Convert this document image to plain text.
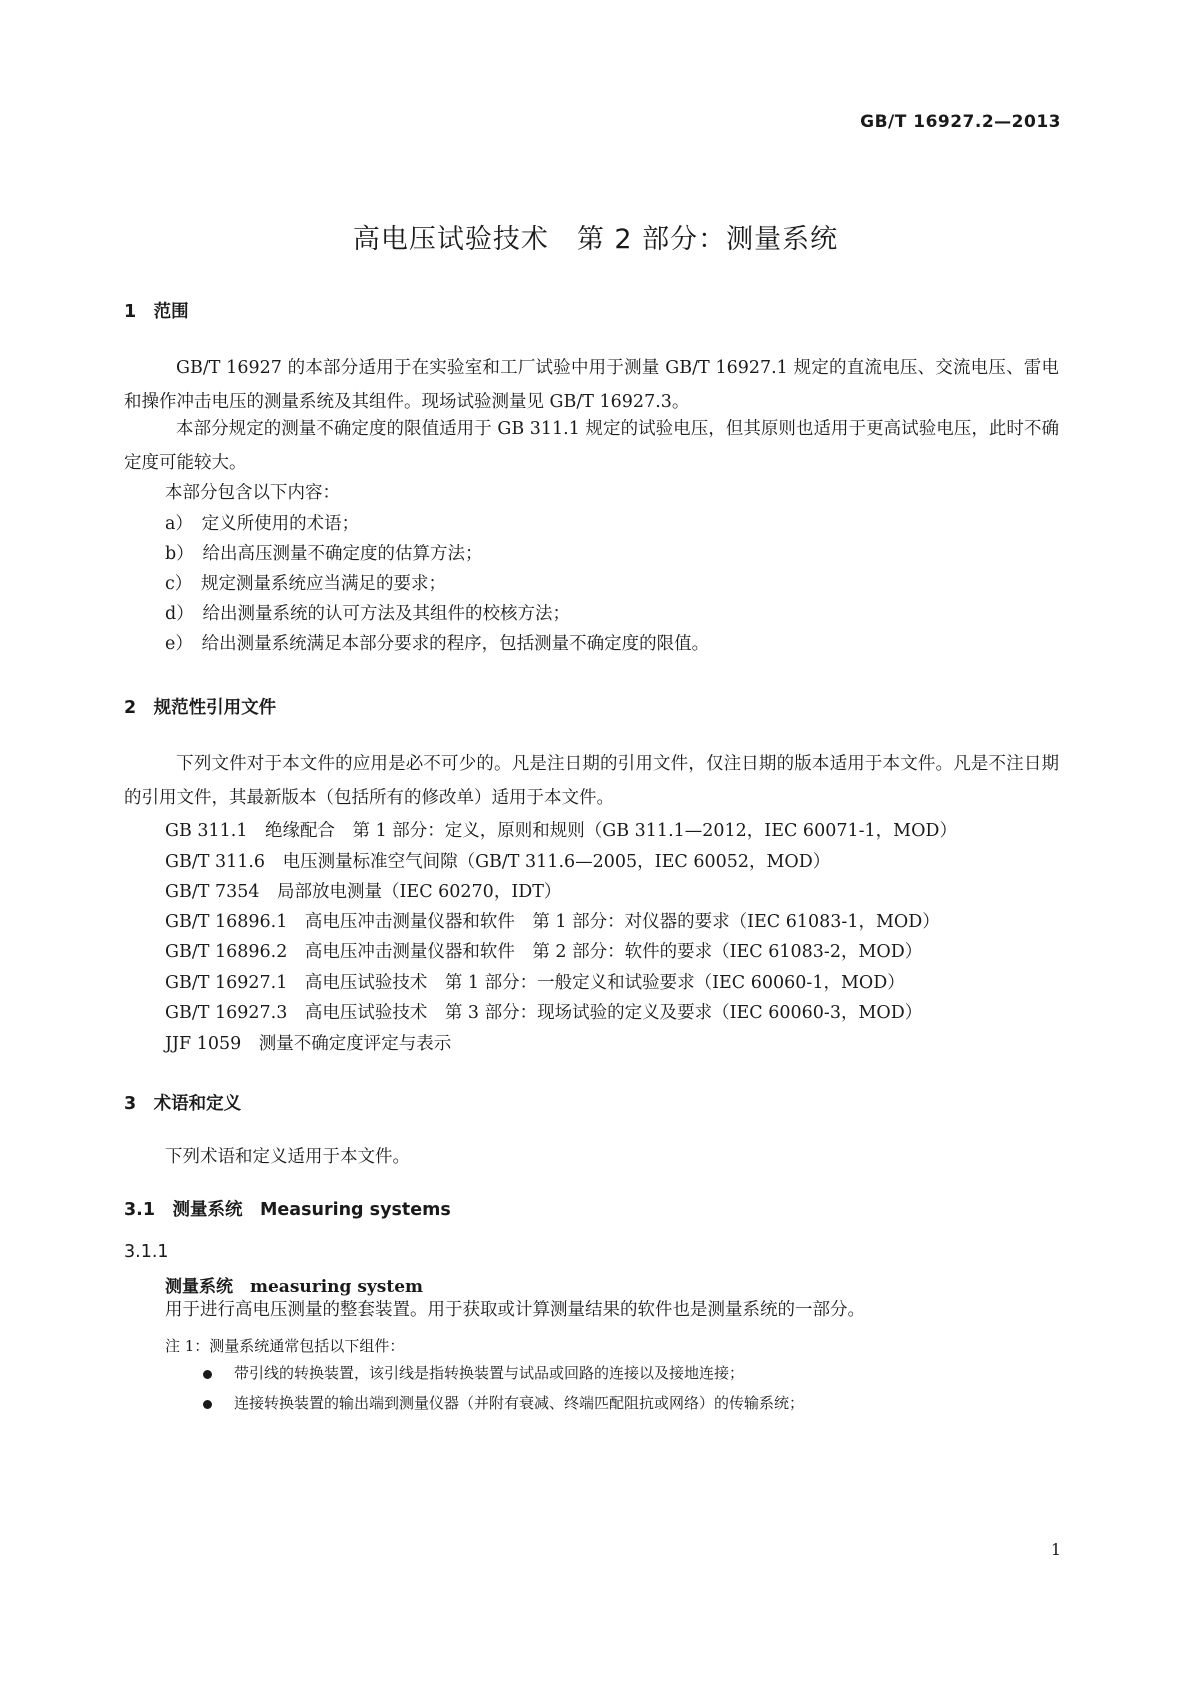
GB/T 16927.2—2013
高电压试验技术　第 2 部分：测量系统
1　范围
GB/T 16927 的本部分适用于在实验室和工厂试验中用于测量 GB/T 16927.1 规定的直流电压、交流电压、雷电和操作冲击电压的测量系统及其组件。现场试验测量见 GB/T 16927.3。
本部分规定的测量不确定度的限值适用于 GB 311.1 规定的试验电压，但其原则也适用于更高试验电压，此时不确定度可能较大。
本部分包含以下内容：
a）　定义所使用的术语；
b）　给出高压测量不确定度的估算方法；
c）　规定测量系统应当满足的要求；
d）　给出测量系统的认可方法及其组件的校核方法；
e）　给出测量系统满足本部分要求的程序，包括测量不确定度的限值。
2　规范性引用文件
下列文件对于本文件的应用是必不可少的。凡是注日期的引用文件，仅注日期的版本适用于本文件。凡是不注日期的引用文件，其最新版本（包括所有的修改单）适用于本文件。
GB 311.1　绝缘配合　第 1 部分：定义，原则和规则（GB 311.1—2012，IEC 60071-1，MOD）
GB/T 311.6　电压测量标准空气间隙（GB/T 311.6—2005，IEC 60052，MOD）
GB/T 7354　局部放电测量（IEC 60270，IDT）
GB/T 16896.1　高电压冲击测量仪器和软件　第 1 部分：对仪器的要求（IEC 61083-1，MOD）
GB/T 16896.2　高电压冲击测量仪器和软件　第 2 部分：软件的要求（IEC 61083-2，MOD）
GB/T 16927.1　高电压试验技术　第 1 部分：一般定义和试验要求（IEC 60060-1，MOD）
GB/T 16927.3　高电压试验技术　第 3 部分：现场试验的定义及要求（IEC 60060-3，MOD）
JJF 1059　测量不确定度评定与表示
3　术语和定义
下列术语和定义适用于本文件。
3.1　测量系统　Measuring systems
3.1.1
测量系统　measuring system
用于进行高电压测量的整套装置。用于获取或计算测量结果的软件也是测量系统的一部分。
注 1：测量系统通常包括以下组件：
带引线的转换装置，该引线是指转换装置与试品或回路的连接以及接地连接；
连接转换装置的输出端到测量仪器（并附有衰减、终端匹配阻抗或网络）的传输系统；
1
